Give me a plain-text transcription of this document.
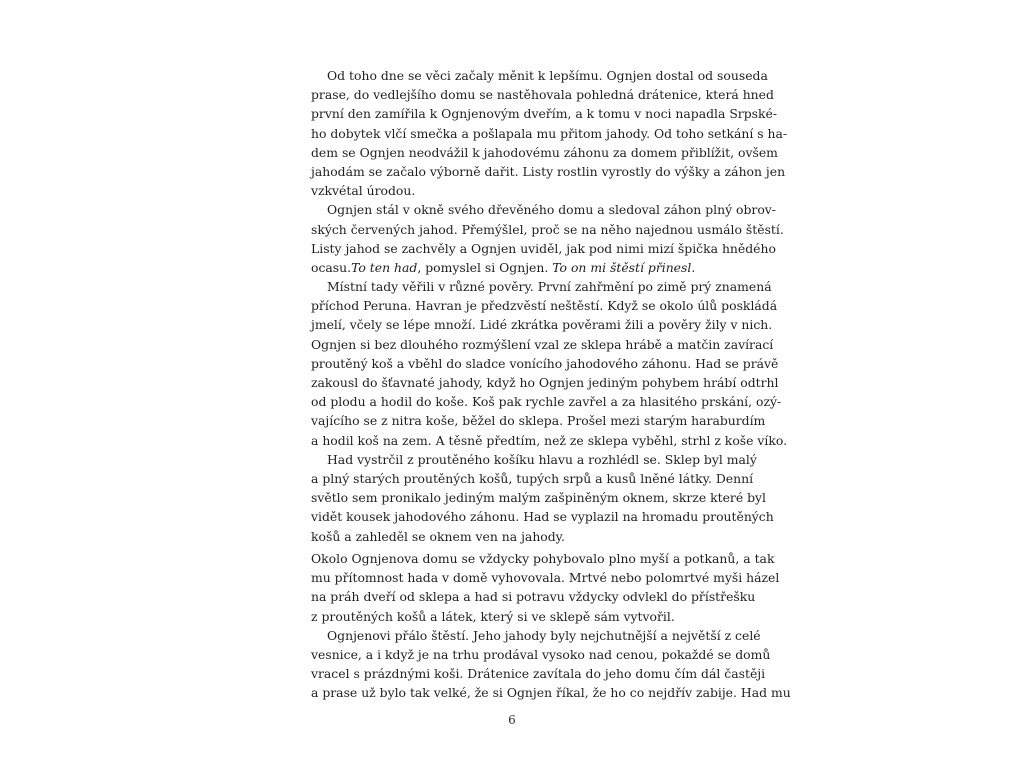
Od toho dne se věci začaly měnit k lepšímu. Ognjen dostal od souseda
prase, do vedlejšího domu se nastěhovala pohledná drátenice, která hned
první den zamířila k Ognjenovým dveřím, a k tomu v noci napadla Srpské-
ho dobytek vlčí smečka a pošlapala mu přitom jahody. Od toho setkání s ha-
dem se Ognjen neodvážil k jahodovému záhonu za domem přiblížit, ovšem
jahodám se začalo výborně dařit. Listy rostlin vyrostly do výšky a záhon jen
vzkvétal úrodou.
Ognjen stál v okně svého dřevěného domu a sledoval záhon plný obrov-
ských červených jahod. Přemýšlel, proč se na něho najednou usmálo štěstí.
Listy jahod se zachvěly a Ognjen uviděl, jak pod nimi mizí špička hnědého
ocasu.To ten had, pomyslel si Ognjen. To on mi štěstí přinesl.
Místní tady věřili v různé pověry. První zahřmění po zimě prý znamená
příchod Peruna. Havran je předzvěstí neštěstí. Když se okolo úlů poskládá
jmelí, včely se lépe množí. Lidé zkrátka pověrami žili a pověry žily v nich.
Ognjen si bez dlouhého rozmýšlení vzal ze sklepa hrábě a matčin zavírací
proutěný koš a vběhl do sladce vonícího jahodového záhonu. Had se právě
zakousl do šťavnaté jahody, když ho Ognjen jediným pohybem hrábí odtrhl
od plodu a hodil do koše. Koš pak rychle zavřel a za hlasitého prskání, ozý-
vajícího se z nitra koše, běžel do sklepa. Prošel mezi starým haraburdím
a hodil koš na zem. A těsně předtím, než ze sklepa vyběhl, strhl z koše víko.
Had vystrčil z proutěného košíku hlavu a rozhlédl se. Sklep byl malý
a plný starých proutěných košů, tupých srpů a kusů lněné látky. Denní
světlo sem pronikalo jediným malým zašpiněným oknem, skrze které byl
vidět kousek jahodového záhonu. Had se vyplazil na hromadu proutěných
košů a zahleděl se oknem ven na jahody.
Okolo Ognjenova domu se vždycky pohybovalo plno myší a potkanů, a tak
mu přítomnost hada v domě vyhovovala. Mrtvé nebo polomrtvé myši házel
na práh dveří od sklepa a had si potravu vždycky odvlekl do přístřešku
z proutěných košů a látek, který si ve sklepě sám vytvořil.
Ognjenovi přálo štěstí. Jeho jahody byly nejchutnější a největší z celé
vesnice, a i když je na trhu prodával vysoko nad cenou, pokaždé se domů
vracel s prázdnými koši. Drátenice zavítala do jeho domu čím dál častěji
a prase už bylo tak velké, že si Ognjen říkal, že ho co nejdřív zabije. Had mu
6
